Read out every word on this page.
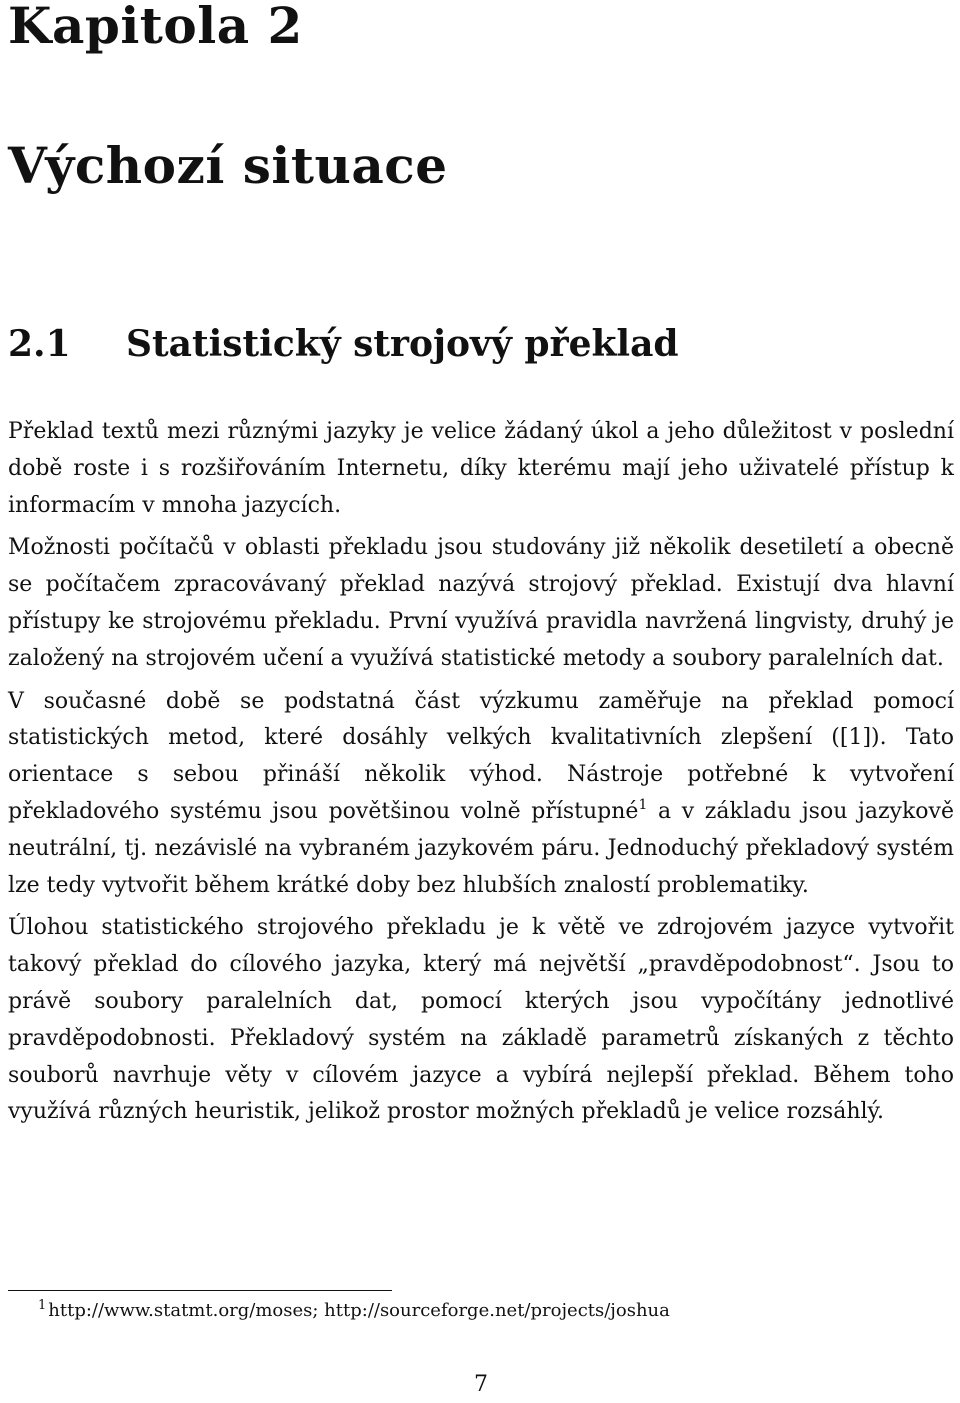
Kapitola 2
Výchozí situace
2.1 Statistický strojový překlad

Překlad textů mezi různými jazyky je velice žádaný úkol a jeho důležitost v poslední době roste i s rozšiřováním Internetu, díky kterému mají jeho uživatelé přístup k informacím v mnoha jazycích.

Možnosti počítačů v oblasti překladu jsou studovány již několik desetiletí a obecně se počítačem zpracovávaný překlad nazývá strojový překlad. Existují dva hlavní přístupy ke strojovému překladu. První využívá pravidla navržená lingvisty, druhý je založený na strojovém učení a využívá statistické metody a soubory paralelních dat.

V současné době se podstatná část výzkumu zaměřuje na překlad pomocí statistických metod, které dosáhly velkých kvalitativních zlepšení ([1]). Tato orientace s sebou přináší několik výhod. Nástroje potřebné k vytvoření překladového systému jsou povětšinou volně přístupné$^1$ a v základu jsou jazykově neutrální, tj. nezávislé na vybraném jazykovém páru. Jednoduchý překladový systém lze tedy vytvořit během krátké doby bez hlubších znalostí problematiky.

Úlohou statistického strojového překladu je k větě ve zdrojovém jazyce vytvořit takový překlad do cílového jazyka, který má největší „pravděpodobnost“. Jsou to právě soubory paralelních dat, pomocí kterých jsou vypočítány jednotlivé pravděpodobnosti. Překladový systém na základě parametrů získaných z těchto souborů navrhuje věty v cílovém jazyce a vybírá nejlepší překlad. Během toho využívá různých heuristik, jelikož prostor možných překladů je velice rozsáhlý.

$^1$ http://www.statmt.org/moses; http://sourceforge.net/projects/joshua
7
